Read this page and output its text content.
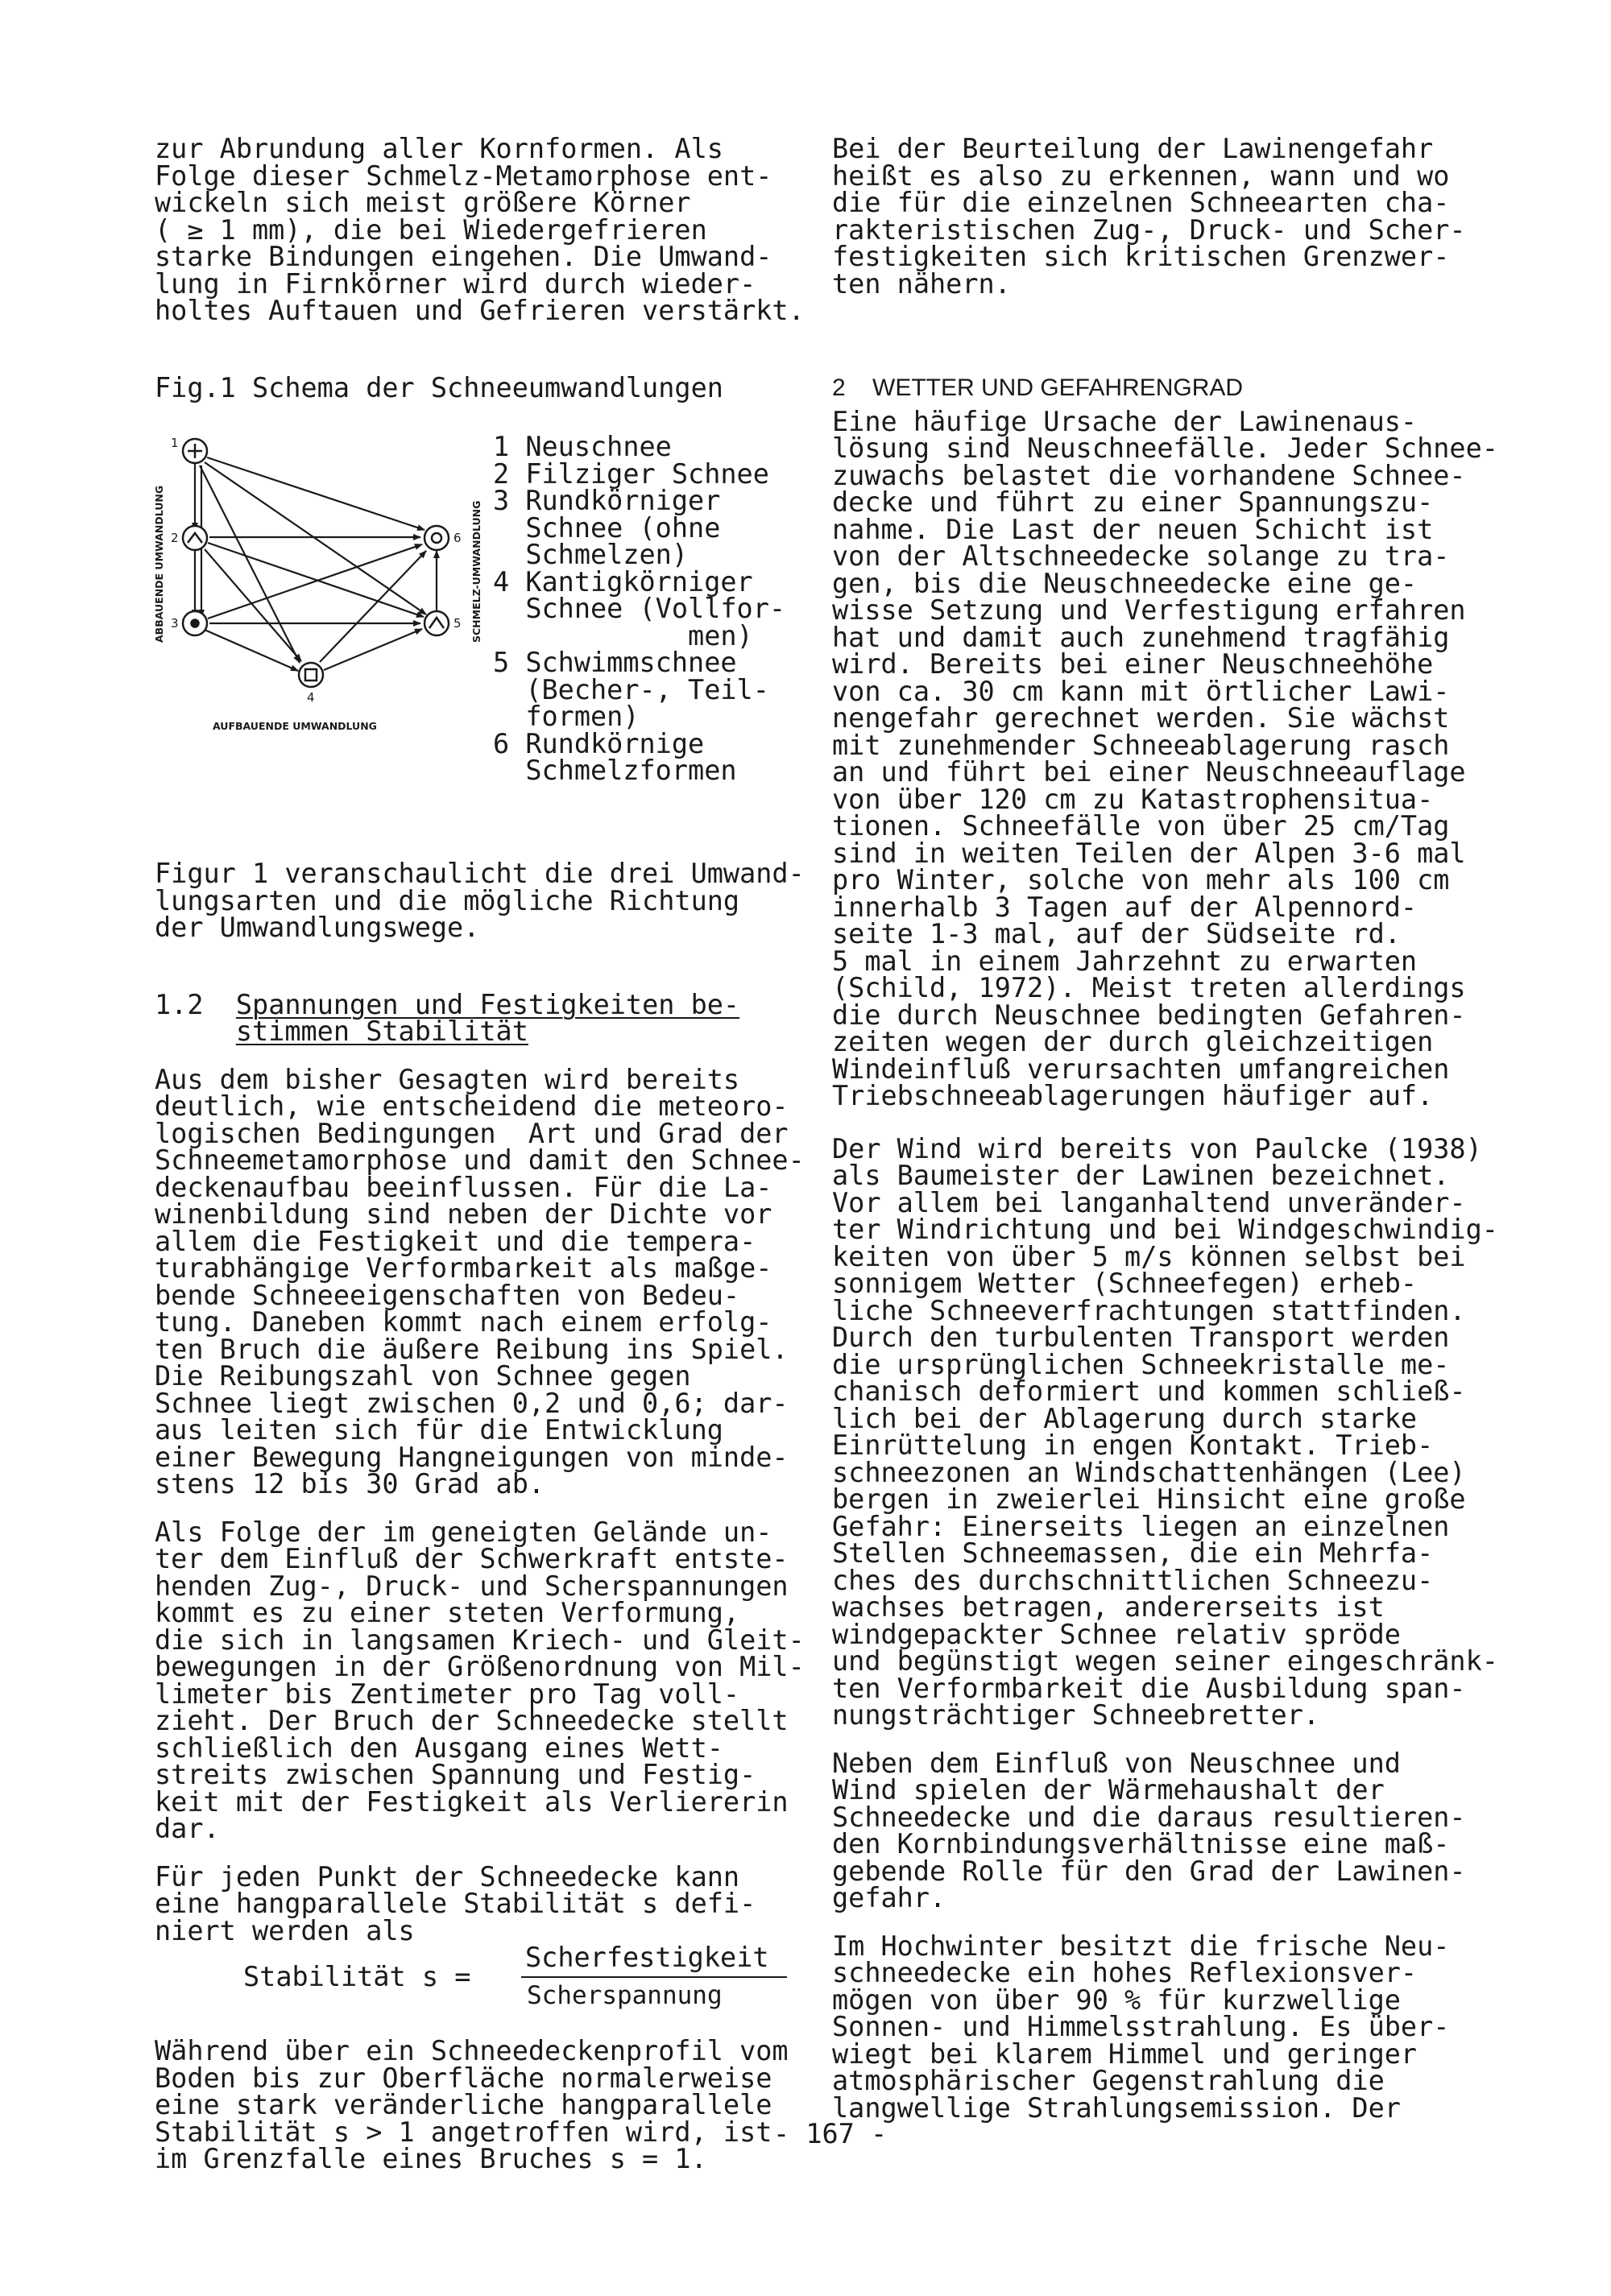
zur Abrundung aller Kornformen. Als

Folge dieser Schmelz-Metamorphose ent-

wickeln sich meist größere Körner

( ≥ 1 mm), die bei Wiedergefrieren

starke Bindungen eingehen. Die Umwand-

lung in Firnkörner wird durch wieder-

holtes Auftauen und Gefrieren verstärkt.

Fig.1 Schema der Schneeumwandlungen

1
2
3
4
5
6
ABBAUENDE UMWANDLUNG	SCHMELZ-UMWANDLUNG
AUFBAUENDE UMWANDLUNG

1 Neuschnee

2 Filziger Schnee

3 Rundkörniger

Schnee (ohne

Schmelzen)

4 Kantigkörniger

Schnee (Vollfor-

men)

5 Schwimmschnee

(Becher-, Teil-

formen)

6 Rundkörnige

Schmelzformen

Figur 1 veranschaulicht die drei Umwand-

lungsarten und die mögliche Richtung

der Umwandlungswege.

1.2 Spannungen und Festigkeiten be-

stimmen Stabilität

Aus dem bisher Gesagten wird bereits

deutlich, wie entscheidend die meteoro-

logischen Bedingungen  Art und Grad der

Schneemetamorphose und damit den Schnee-

deckenaufbau beeinflussen. Für die La-

winenbildung sind neben der Dichte vor

allem die Festigkeit und die tempera-

turabhängige Verformbarkeit als maßge-

bende Schneeeigenschaften von Bedeu-

tung. Daneben kommt nach einem erfolg-

ten Bruch die äußere Reibung ins Spiel.

Die Reibungszahl von Schnee gegen

Schnee liegt zwischen 0,2 und 0,6; dar-

aus leiten sich für die Entwicklung

einer Bewegung Hangneigungen von minde-

stens 12 bis 30 Grad ab.

Als Folge der im geneigten Gelände un-

ter dem Einfluß der Schwerkraft entste-

henden Zug-, Druck- und Scherspannungen

kommt es zu einer steten Verformung,

die sich in langsamen Kriech- und Gleit-

bewegungen in der Größenordnung von Mil-

limeter bis Zentimeter pro Tag voll-

zieht. Der Bruch der Schneedecke stellt

schließlich den Ausgang eines Wett-

streits zwischen Spannung und Festig-

keit mit der Festigkeit als Verliererin

dar.

Für jeden Punkt der Schneedecke kann

eine hangparallele Stabilität s defi-

niert werden als

Stabilität s =
Scherfestigkeit
Scherspannung

Während über ein Schneedeckenprofil vom

Boden bis zur Oberfläche normalerweise

eine stark veränderliche hangparallele

Stabilität s > 1 angetroffen wird, ist

im Grenzfalle eines Bruches s = 1.

Bei der Beurteilung der Lawinengefahr

heißt es also zu erkennen, wann und wo

die für die einzelnen Schneearten cha-

rakteristischen Zug-, Druck- und Scher-

festigkeiten sich kritischen Grenzwer-

ten nähern.

2    WETTER UND GEFAHRENGRAD

Eine häufige Ursache der Lawinenaus-

lösung sind Neuschneefälle. Jeder Schnee-

zuwachs belastet die vorhandene Schnee-

decke und führt zu einer Spannungszu-

nahme. Die Last der neuen Schicht ist

von der Altschneedecke solange zu tra-

gen, bis die Neuschneedecke eine ge-

wisse Setzung und Verfestigung erfahren

hat und damit auch zunehmend tragfähig

wird. Bereits bei einer Neuschneehöhe

von ca. 30 cm kann mit örtlicher Lawi-

nengefahr gerechnet werden. Sie wächst

mit zunehmender Schneeablagerung rasch

an und führt bei einer Neuschneeauflage

von über 120 cm zu Katastrophensitua-

tionen. Schneefälle von über 25 cm/Tag

sind in weiten Teilen der Alpen 3-6 mal

pro Winter, solche von mehr als 100 cm

innerhalb 3 Tagen auf der Alpennord-

seite 1-3 mal, auf der Südseite rd.

5 mal in einem Jahrzehnt zu erwarten

(Schild, 1972). Meist treten allerdings

die durch Neuschnee bedingten Gefahren-

zeiten wegen der durch gleichzeitigen

Windeinfluß verursachten umfangreichen

Triebschneeablagerungen häufiger auf.

Der Wind wird bereits von Paulcke (1938)

als Baumeister der Lawinen bezeichnet.

Vor allem bei langanhaltend unveränder-

ter Windrichtung und bei Windgeschwindig-

keiten von über 5 m/s können selbst bei

sonnigem Wetter (Schneefegen) erheb-

liche Schneeverfrachtungen stattfinden.

Durch den turbulenten Transport werden

die ursprünglichen Schneekristalle me-

chanisch deformiert und kommen schließ-

lich bei der Ablagerung durch starke

Einrüttelung in engen Kontakt. Trieb-

schneezonen an Windschattenhängen (Lee)

bergen in zweierlei Hinsicht eine große

Gefahr: Einerseits liegen an einzelnen

Stellen Schneemassen, die ein Mehrfa-

ches des durchschnittlichen Schneezu-

wachses betragen, andererseits ist

windgepackter Schnee relativ spröde

und begünstigt wegen seiner eingeschränk-

ten Verformbarkeit die Ausbildung span-

nungsträchtiger Schneebretter.

Neben dem Einfluß von Neuschnee und

Wind spielen der Wärmehaushalt der

Schneedecke und die daraus resultieren-

den Kornbindungsverhältnisse eine maß-

gebende Rolle für den Grad der Lawinen-

gefahr.

Im Hochwinter besitzt die frische Neu-

schneedecke ein hohes Reflexionsver-

mögen von über 90 % für kurzwellige

Sonnen- und Himmelsstrahlung. Es über-

wiegt bei klarem Himmel und geringer

atmosphärischer Gegenstrahlung die

langwellige Strahlungsemission. Der

- 167 -
